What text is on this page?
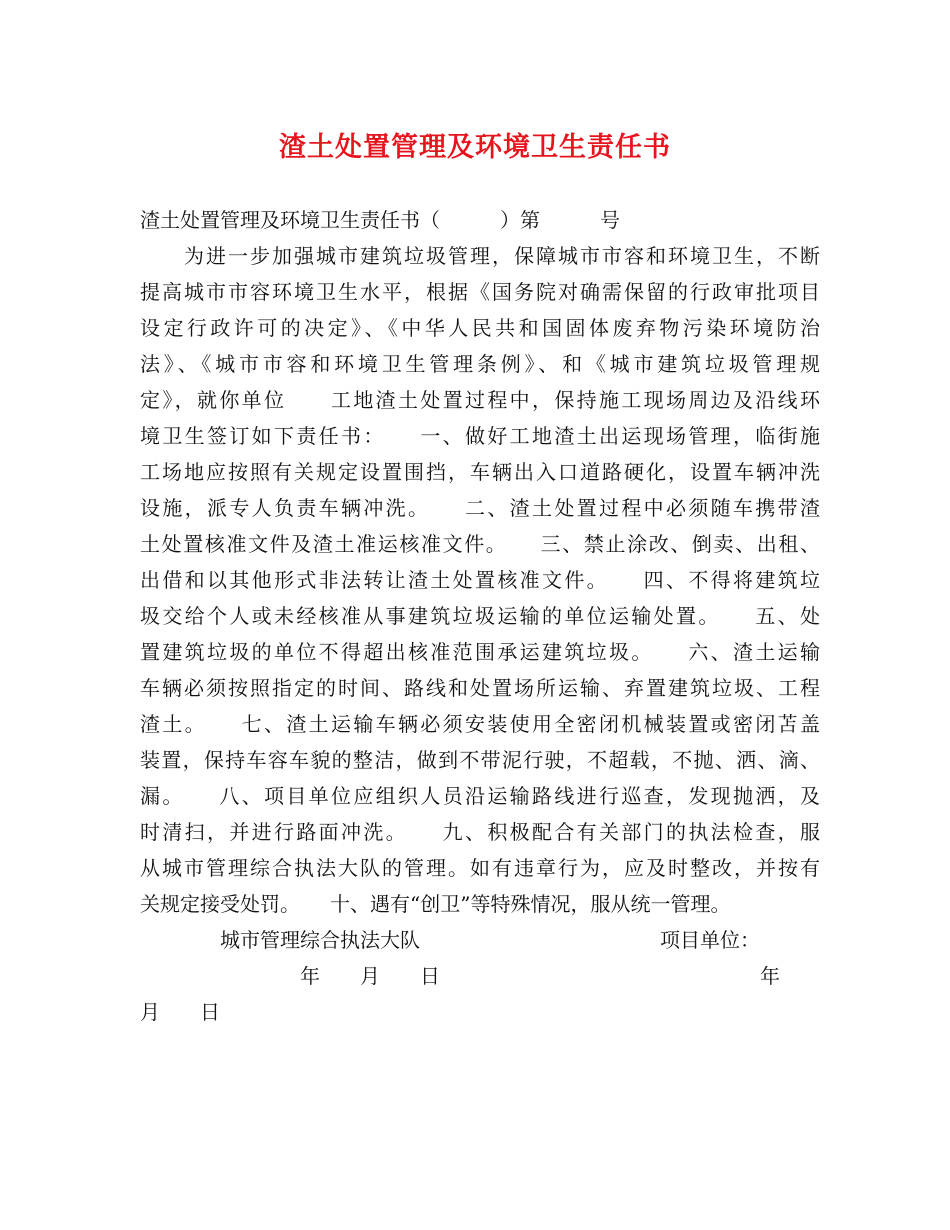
渣土处置管理及环境卫生责任书
渣土处置管理及环境卫生责任书（　　　）第　　　号
　　为进一步加强城市建筑垃圾管理，保障城市市容和环境卫生，不断
提高城市市容环境卫生水平，根据《国务院对确需保留的行政审批项目
设定行政许可的决定》、《中华人民共和国固体废弃物污染环境防治
法》、《城市市容和环境卫生管理条例》、和《城市建筑垃圾管理规
定》，就你单位　　工地渣土处置过程中，保持施工现场周边及沿线环
境卫生签订如下责任书：　　一、做好工地渣土出运现场管理，临街施
工场地应按照有关规定设置围挡，车辆出入口道路硬化，设置车辆冲洗
设施，派专人负责车辆冲洗。　　二、渣土处置过程中必须随车携带渣
土处置核准文件及渣土准运核准文件。　　三、禁止涂改、倒卖、出租、
出借和以其他形式非法转让渣土处置核准文件。　　四、不得将建筑垃
圾交给个人或未经核准从事建筑垃圾运输的单位运输处置。　　五、处
置建筑垃圾的单位不得超出核准范围承运建筑垃圾。　　六、渣土运输
车辆必须按照指定的时间、路线和处置场所运输、弃置建筑垃圾、工程
渣土。　　七、渣土运输车辆必须安装使用全密闭机械装置或密闭苫盖
装置，保持车容车貌的整洁，做到不带泥行驶，不超载，不抛、洒、滴、
漏。　　八、项目单位应组织人员沿运输路线进行巡查，发现抛洒，及
时清扫，并进行路面冲洗。　　九、积极配合有关部门的执法检查，服
从城市管理综合执法大队的管理。如有违章行为，应及时整改，并按有
关规定接受处罚。　　十、遇有“创卫”等特殊情况，服从统一管理。
　　　　城市管理综合执法大队　　　　　　　　　　　　项目单位：
　　　　　　　　年　　月　　日　　　　　　　　　　　　　　　　年
月　　日
